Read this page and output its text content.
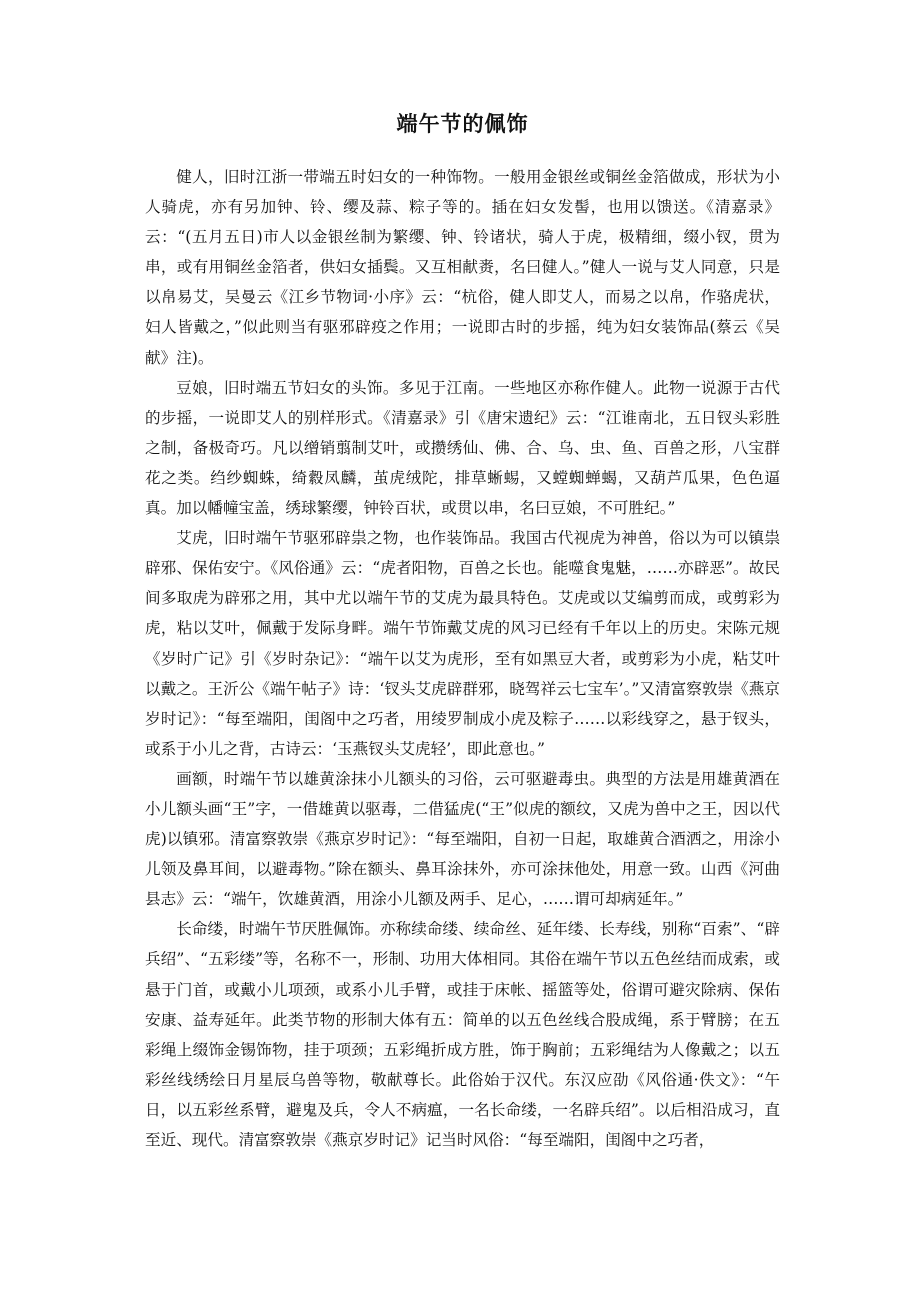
端午节的佩饰

健人，旧时江浙一带端五时妇女的一种饰物。一般用金银丝或铜丝金箔做成，形状为小人骑虎，亦有另加钟、铃、缨及蒜、粽子等的。插在妇女发髻，也用以馈送。《清嘉录》云：“(五月五日)市人以金银丝制为繁缨、钟、铃诸状，骑人于虎，极精细，缀小钗，贯为串，或有用铜丝金箔者，供妇女插鬓。又互相献赉，名曰健人。”健人一说与艾人同意，只是以帛易艾，吴曼云《江乡节物词·小序》云：“杭俗，健人即艾人，而易之以帛，作骆虎状，妇人皆戴之，”似此则当有驱邪辟疫之作用；一说即古时的步摇，纯为妇女装饰品(蔡云《吴献》注)。

豆娘，旧时端五节妇女的头饰。多见于江南。一些地区亦称作健人。此物一说源于古代的步摇，一说即艾人的别样形式。《清嘉录》引《唐宋遗纪》云：“江谁南北，五日钗头彩胜之制，备极奇巧。凡以缯销翦制艾叶，或攒绣仙、佛、合、乌、虫、鱼、百兽之形，八宝群花之类。绉纱蜘蛛，绮縠凤麟，茧虎绒陀，排草蜥蜴，又螳蜘蝉蝎，又葫芦瓜果，色色逼真。加以幡幢宝盖，绣球繁缨，钟铃百状，或贯以串，名曰豆娘，不可胜纪。”

艾虎，旧时端午节驱邪辟祟之物，也作装饰品。我国古代视虎为神兽，俗以为可以镇祟辟邪、保佑安宁。《风俗通》云：“虎者阳物，百兽之长也。能噬食鬼魅，……亦辟恶”。故民间多取虎为辟邪之用，其中尤以端午节的艾虎为最具特色。艾虎或以艾编剪而成，或剪彩为虎，粘以艾叶，佩戴于发际身畔。端午节饰戴艾虎的风习已经有千年以上的历史。宋陈元规《岁时广记》引《岁时杂记》：“端午以艾为虎形，至有如黑豆大者，或剪彩为小虎，粘艾叶以戴之。王沂公《端午帖子》诗：‘钗头艾虎辟群邪，晓驾祥云七宝车’。”又清富察敦崇《燕京岁时记》：“每至端阳，闺阁中之巧者，用绫罗制成小虎及粽子……以彩线穿之，悬于钗头，或系于小儿之背，古诗云：‘玉燕钗头艾虎轻’，即此意也。”

画额，时端午节以雄黄涂抹小儿额头的习俗，云可驱避毒虫。典型的方法是用雄黄酒在小儿额头画“王”字，一借雄黄以驱毒，二借猛虎(“王”似虎的额纹，又虎为兽中之王，因以代虎)以镇邪。清富察敦崇《燕京岁时记》：“每至端阳，自初一日起，取雄黄合酒洒之，用涂小儿领及鼻耳间，以避毒物。”除在额头、鼻耳涂抹外，亦可涂抹他处，用意一致。山西《河曲县志》云：“端午，饮雄黄酒，用涂小儿额及两手、足心，……谓可却病延年。”

长命缕，时端午节厌胜佩饰。亦称续命缕、续命丝、延年缕、长寿线，别称“百索”、“辟兵绍”、“五彩缕”等，名称不一，形制、功用大体相同。其俗在端午节以五色丝结而成索，或悬于门首，或戴小儿项颈，或系小儿手臂，或挂于床帐、摇篮等处，俗谓可避灾除病、保佑安康、益寿延年。此类节物的形制大体有五：简单的以五色丝线合股成绳，系于臂膀；在五彩绳上缀饰金锡饰物，挂于项颈；五彩绳折成方胜，饰于胸前；五彩绳结为人像戴之；以五彩丝线绣绘日月星辰乌兽等物，敬献尊长。此俗始于汉代。东汉应劭《风俗通·佚文》：“午日，以五彩丝系臂，避鬼及兵，令人不病瘟，一名长命缕，一名辟兵绍”。以后相沿成习，直至近、现代。清富察敦崇《燕京岁时记》记当时风俗：“每至端阳，闺阁中之巧者，
